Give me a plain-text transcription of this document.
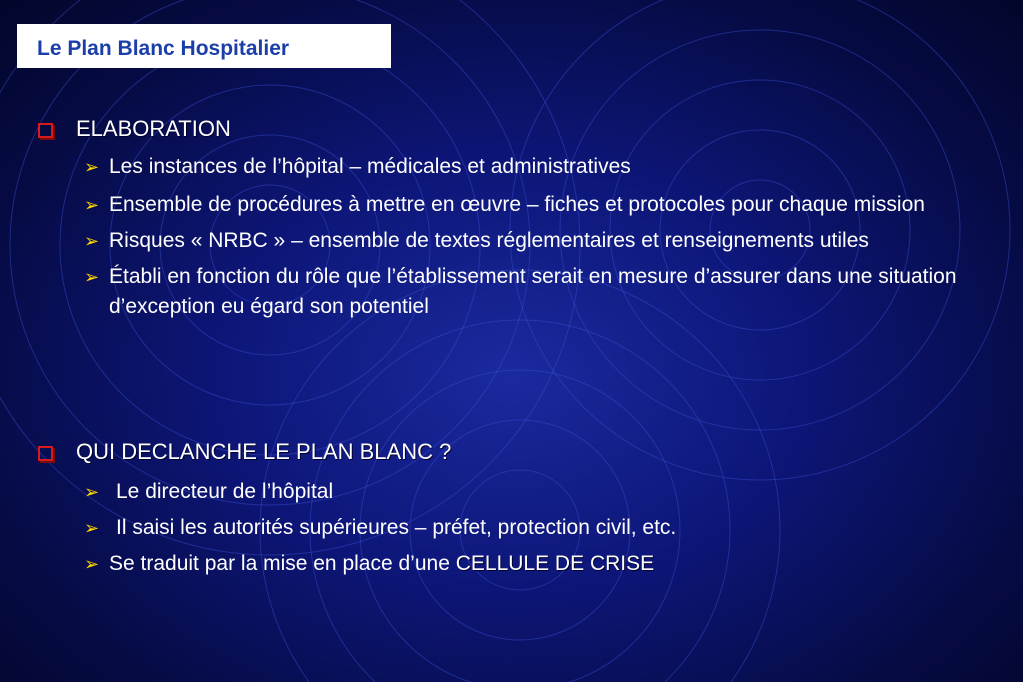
Le Plan Blanc Hospitalier
ELABORATION
➢ Les instances de l’hôpital – médicales et administratives
➢ Ensemble de procédures à mettre en œuvre – fiches et protocoles pour chaque mission
➢ Risques « NRBC » – ensemble de textes réglementaires et renseignements utiles
➢ Établi en fonction du rôle que l’établissement serait en mesure d’assurer dans une situation d’exception eu égard son potentiel
QUI DECLANCHE LE PLAN BLANC ?
➢ Le directeur de l’hôpital
➢ Il saisi les autorités supérieures – préfet, protection civil, etc.
➢ Se traduit par la mise en place d’une CELLULE DE CRISE
